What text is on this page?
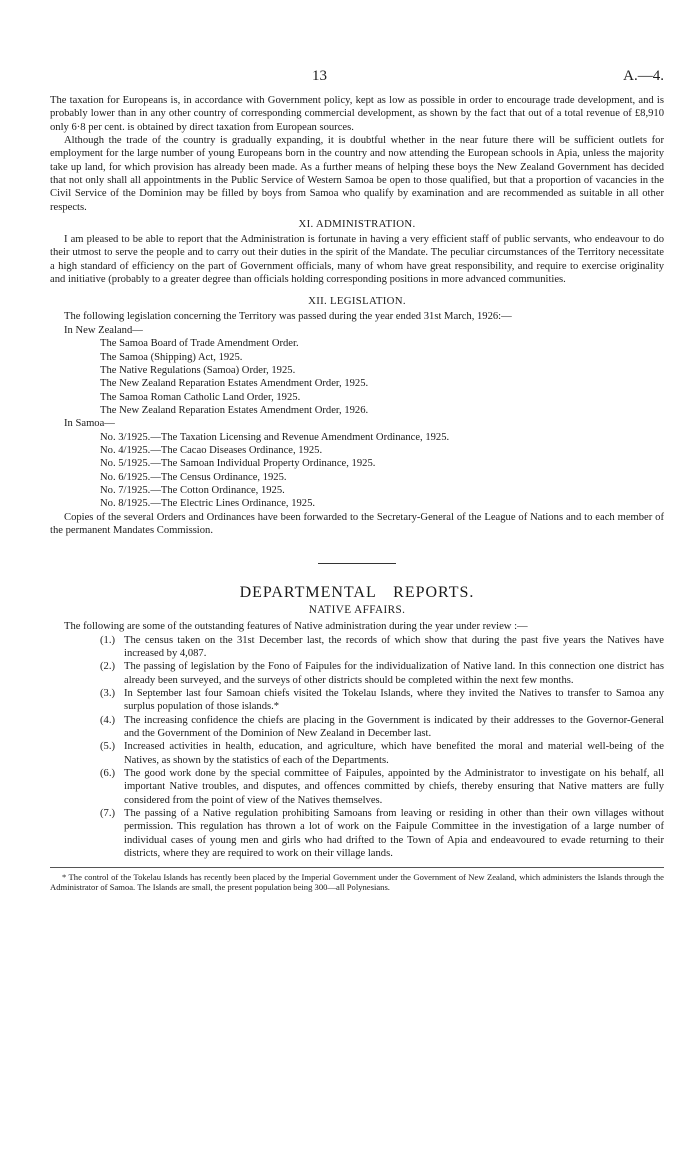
13	A.—4.

The taxation for Europeans is, in accordance with Government policy, kept as low as possible in order to encourage trade development, and is probably lower than in any other country of corresponding commercial development, as shown by the fact that out of a total revenue of £8,910 only 6·8 per cent. is obtained by direct taxation from European sources.

Although the trade of the country is gradually expanding, it is doubtful whether in the near future there will be sufficient outlets for employment for the large number of young Europeans born in the country and now attending the European schools in Apia, unless the majority take up land, for which provision has already been made. As a further means of helping these boys the New Zealand Government has decided that not only shall all appointments in the Public Service of Western Samoa be open to those qualified, but that a proportion of vacancies in the Civil Service of the Dominion may be filled by boys from Samoa who qualify by examination and are recommended as suitable in all other respects.

XI. ADMINISTRATION.

I am pleased to be able to report that the Administration is fortunate in having a very efficient staff of public servants, who endeavour to do their utmost to serve the people and to carry out their duties in the spirit of the Mandate. The peculiar circumstances of the Territory necessitate a high standard of efficiency on the part of Government officials, many of whom have great responsibility, and require to exercise originality and initiative (probably to a greater degree than officials holding corresponding positions in more advanced communities.

XII. LEGISLATION.

The following legislation concerning the Territory was passed during the year ended 31st March, 1926:—

In New Zealand—
The Samoa Board of Trade Amendment Order.
The Samoa (Shipping) Act, 1925.
The Native Regulations (Samoa) Order, 1925.
The New Zealand Reparation Estates Amendment Order, 1925.
The Samoa Roman Catholic Land Order, 1925.
The New Zealand Reparation Estates Amendment Order, 1926.
In Samoa—
No. 3/1925.—The Taxation Licensing and Revenue Amendment Ordinance, 1925.
No. 4/1925.—The Cacao Diseases Ordinance, 1925.
No. 5/1925.—The Samoan Individual Property Ordinance, 1925.
No. 6/1925.—The Census Ordinance, 1925.
No. 7/1925.—The Cotton Ordinance, 1925.
No. 8/1925.—The Electric Lines Ordinance, 1925.

Copies of the several Orders and Ordinances have been forwarded to the Secretary-General of the League of Nations and to each member of the permanent Mandates Commission.

DEPARTMENTAL REPORTS.
NATIVE AFFAIRS.

The following are some of the outstanding features of Native administration during the year under review :—

(1.) The census taken on the 31st December last, the records of which show that during the past five years the Natives have increased by 4,087.
(2.) The passing of legislation by the Fono of Faipules for the individualization of Native land. In this connection one district has already been surveyed, and the surveys of other districts should be completed within the next few months.
(3.) In September last four Samoan chiefs visited the Tokelau Islands, where they invited the Natives to transfer to Samoa any surplus population of those islands.*
(4.) The increasing confidence the chiefs are placing in the Government is indicated by their addresses to the Governor-General and the Government of the Dominion of New Zealand in December last.
(5.) Increased activities in health, education, and agriculture, which have benefited the moral and material well-being of the Natives, as shown by the statistics of each of the Departments.
(6.) The good work done by the special committee of Faipules, appointed by the Administrator to investigate on his behalf, all important Native troubles, and disputes, and offences committed by chiefs, thereby ensuring that Native matters are fully considered from the point of view of the Natives themselves.
(7.) The passing of a Native regulation prohibiting Samoans from leaving or residing in other than their own villages without permission. This regulation has thrown a lot of work on the Faipule Committee in the investigation of a large number of individual cases of young men and girls who had drifted to the Town of Apia and endeavoured to evade returning to their districts, where they are required to work on their village lands.

* The control of the Tokelau Islands has recently been placed by the Imperial Government under the Government of New Zealand, which administers the Islands through the Administrator of Samoa. The Islands are small, the present population being 300—all Polynesians.
